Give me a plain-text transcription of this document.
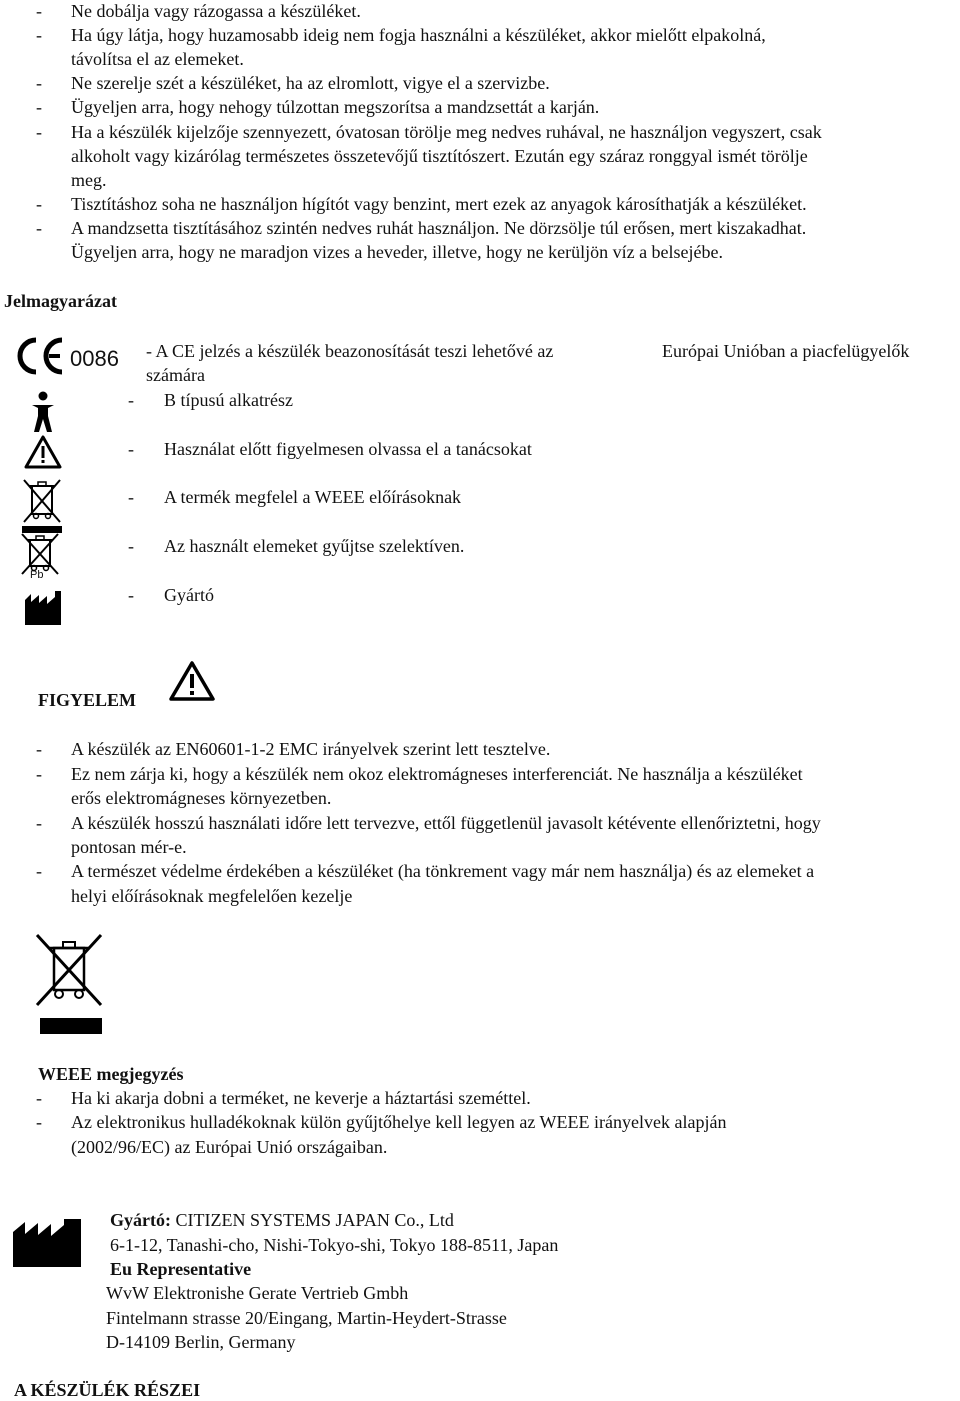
- Ne dobálja vagy rázogassa a készüléket.
- Ha úgy látja, hogy huzamosabb ideig nem fogja használni a készüléket, akkor mielőtt elpakolná,
távolítsa el az elemeket.
- Ne szerelje szét a készüléket, ha az elromlott, vigye el a szervizbe.
- Ügyeljen arra, hogy nehogy túlzottan megszorítsa a mandzsettát a karján.
- Ha a készülék kijelzője szennyezett, óvatosan törölje meg nedves ruhával, ne használjon vegyszert, csak
alkoholt vagy kizárólag természetes összetevőjű tisztítószert. Ezután egy száraz ronggyal ismét törölje
meg.
- Tisztításhoz soha ne használjon hígítót vagy benzint, mert ezek az anyagok károsíthatják a készüléket.
- A mandzsetta tisztításához szintén nedves ruhát használjon. Ne dörzsölje túl erősen, mert kiszakadhat.
Ügyeljen arra, hogy ne maradjon vizes a heveder, illetve, hogy ne kerüljön víz a belsejébe.
Jelmagyarázat
0086 - A CE jelzés a készülék beazonosítását teszi lehetővé az	Európai Unióban a piacfelügyelők
számára
- B típusú alkatrész
- Használat előtt figyelmesen olvassa el a tanácsokat
- A termék megfelel a WEEE előírásoknak
Pb
- Az használt elemeket gyűjtse szelektíven.
- Gyártó
FIGYELEM
- A készülék az EN60601-1-2 EMC irányelvek szerint lett tesztelve.
- Ez nem zárja ki, hogy a készülék nem okoz elektromágneses interferenciát. Ne használja a készüléket
erős elektromágneses környezetben.
- A készülék hosszú használati időre lett tervezve, ettől függetlenül javasolt kétévente ellenőriztetni, hogy
pontosan mér-e.
- A természet védelme érdekében a készüléket (ha tönkrement vagy már nem használja) és az elemeket a
helyi előírásoknak megfelelően kezelje
WEEE megjegyzés
- Ha ki akarja dobni a terméket, ne keverje a háztartási szeméttel.
- Az elektronikus hulladékoknak külön gyűjtőhelye kell legyen az WEEE irányelvek alapján
(2002/96/EC) az Európai Unió országaiban.
Gyártó: CITIZEN SYSTEMS JAPAN Co., Ltd
6-1-12, Tanashi-cho, Nishi-Tokyo-shi, Tokyo 188-8511, Japan
Eu Representative
WvW Elektronishe Gerate Vertrieb Gmbh
Fintelmann strasse 20/Eingang, Martin-Heydert-Strasse
D-14109 Berlin, Germany
A KÉSZÜLÉK RÉSZEI
